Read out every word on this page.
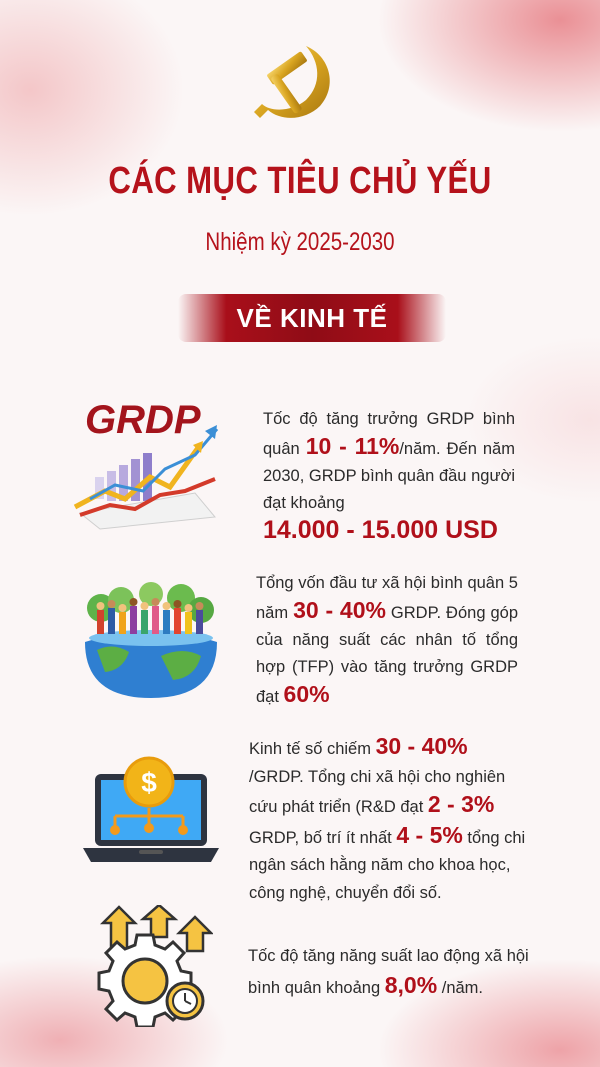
CÁC MỤC TIÊU CHỦ YẾU
Nhiệm kỳ 2025-2030
VỀ KINH TẾ
GRDP	Tốc độ tăng trưởng GRDP bình quân 10 - 11%/năm. Đến năm 2030, GRDP bình quân đầu người đạt khoảng
14.000 - 15.000 USD
Tổng vốn đầu tư xã hội bình quân 5 năm 30 - 40% GRDP. Đóng góp của năng suất các nhân tố tổng hợp (TFP) vào tăng trưởng GRDP đạt 60%
$
Kinh tế số chiếm 30 - 40%
/GRDP. Tổng chi xã hội cho nghiên cứu phát triển (R&D đạt 2 - 3% GRDP, bố trí ít nhất 4 - 5% tổng chi ngân sách hằng năm cho khoa học, công nghệ, chuyển đổi số.
Tốc độ tăng năng suất lao động xã hội bình quân khoảng 8,0% /năm.
